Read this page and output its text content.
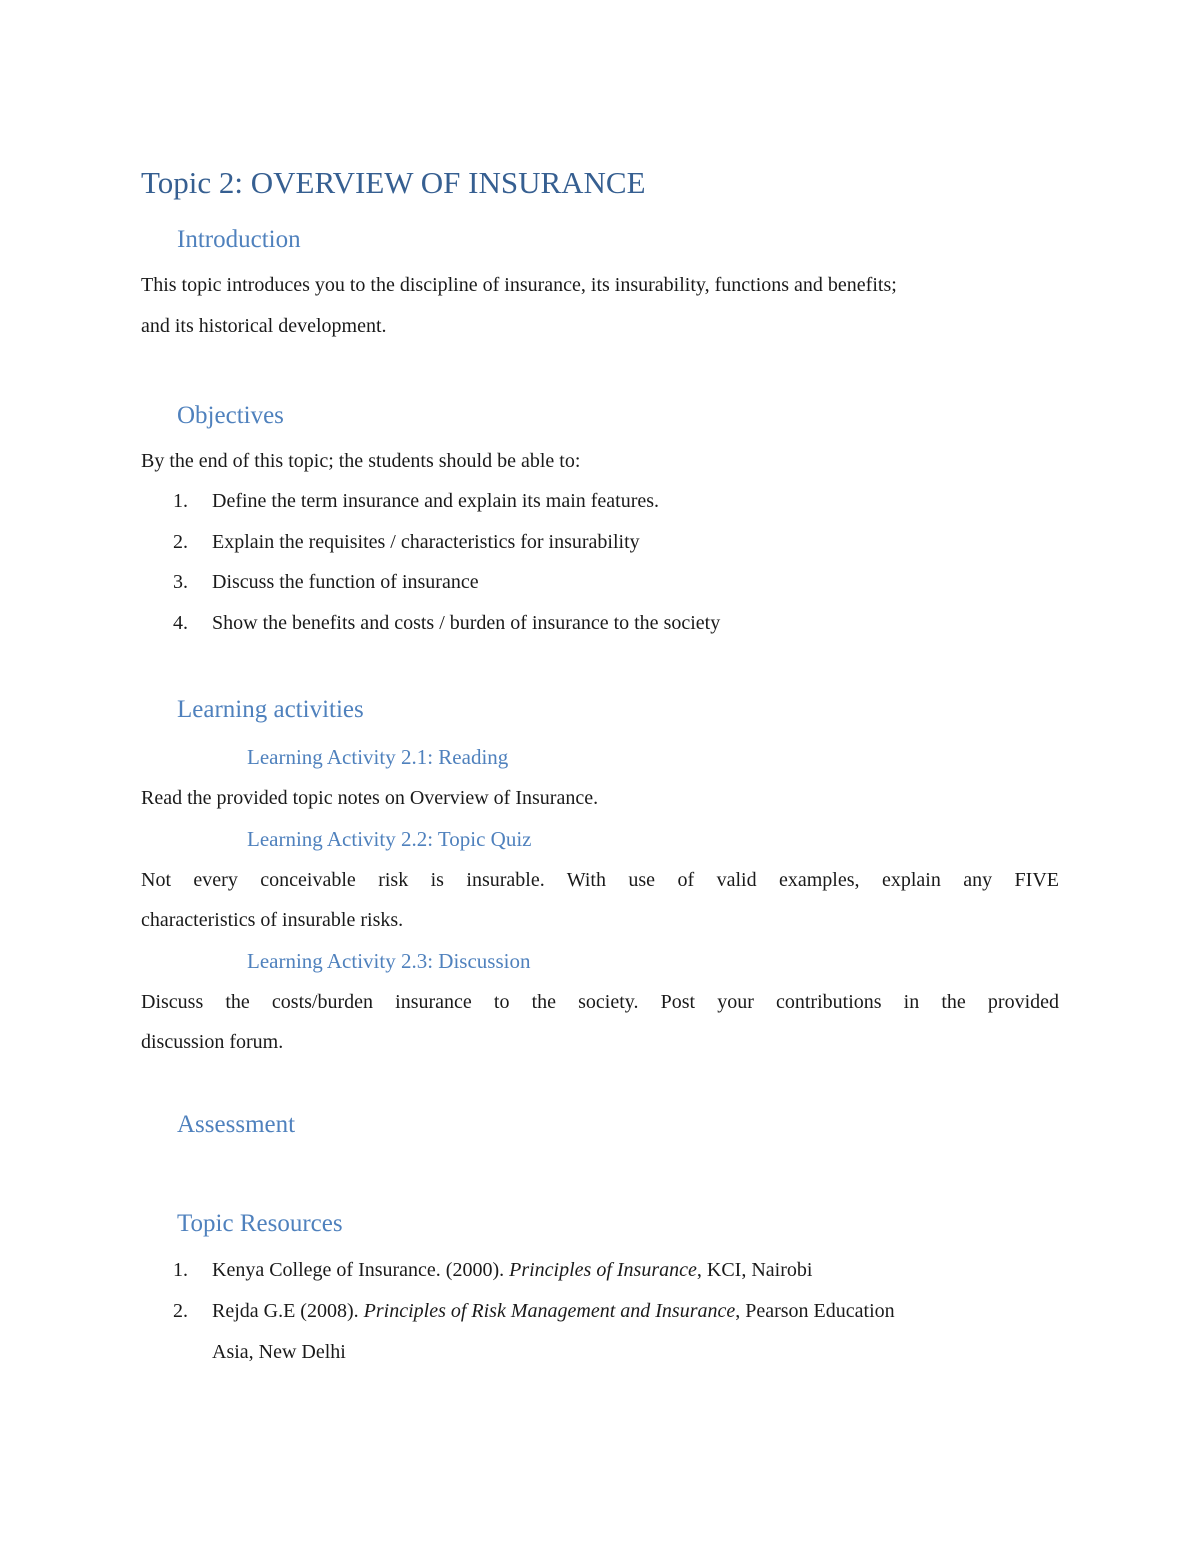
Topic 2: OVERVIEW OF INSURANCE
Introduction
This topic introduces you to the discipline of insurance, its insurability, functions and benefits;
and its historical development.
Objectives
By the end of this topic; the students should be able to:
1. Define the term insurance and explain its main features.
2. Explain the requisites / characteristics for insurability
3. Discuss the function of insurance
4. Show the benefits and costs / burden of insurance to the society
Learning activities
Learning Activity 2.1: Reading
Read the provided topic notes on Overview of Insurance.
Learning Activity 2.2: Topic Quiz
Not every conceivable risk is insurable. With use of valid examples, explain any FIVE
characteristics of insurable risks.
Learning Activity 2.3: Discussion
Discuss the costs/burden insurance to the society. Post your contributions in the provided
discussion forum.
Assessment
Topic Resources
1. Kenya College of Insurance. (2000). Principles of Insurance, KCI, Nairobi
2. Rejda G.E (2008). Principles of Risk Management and Insurance, Pearson Education
Asia, New Delhi
